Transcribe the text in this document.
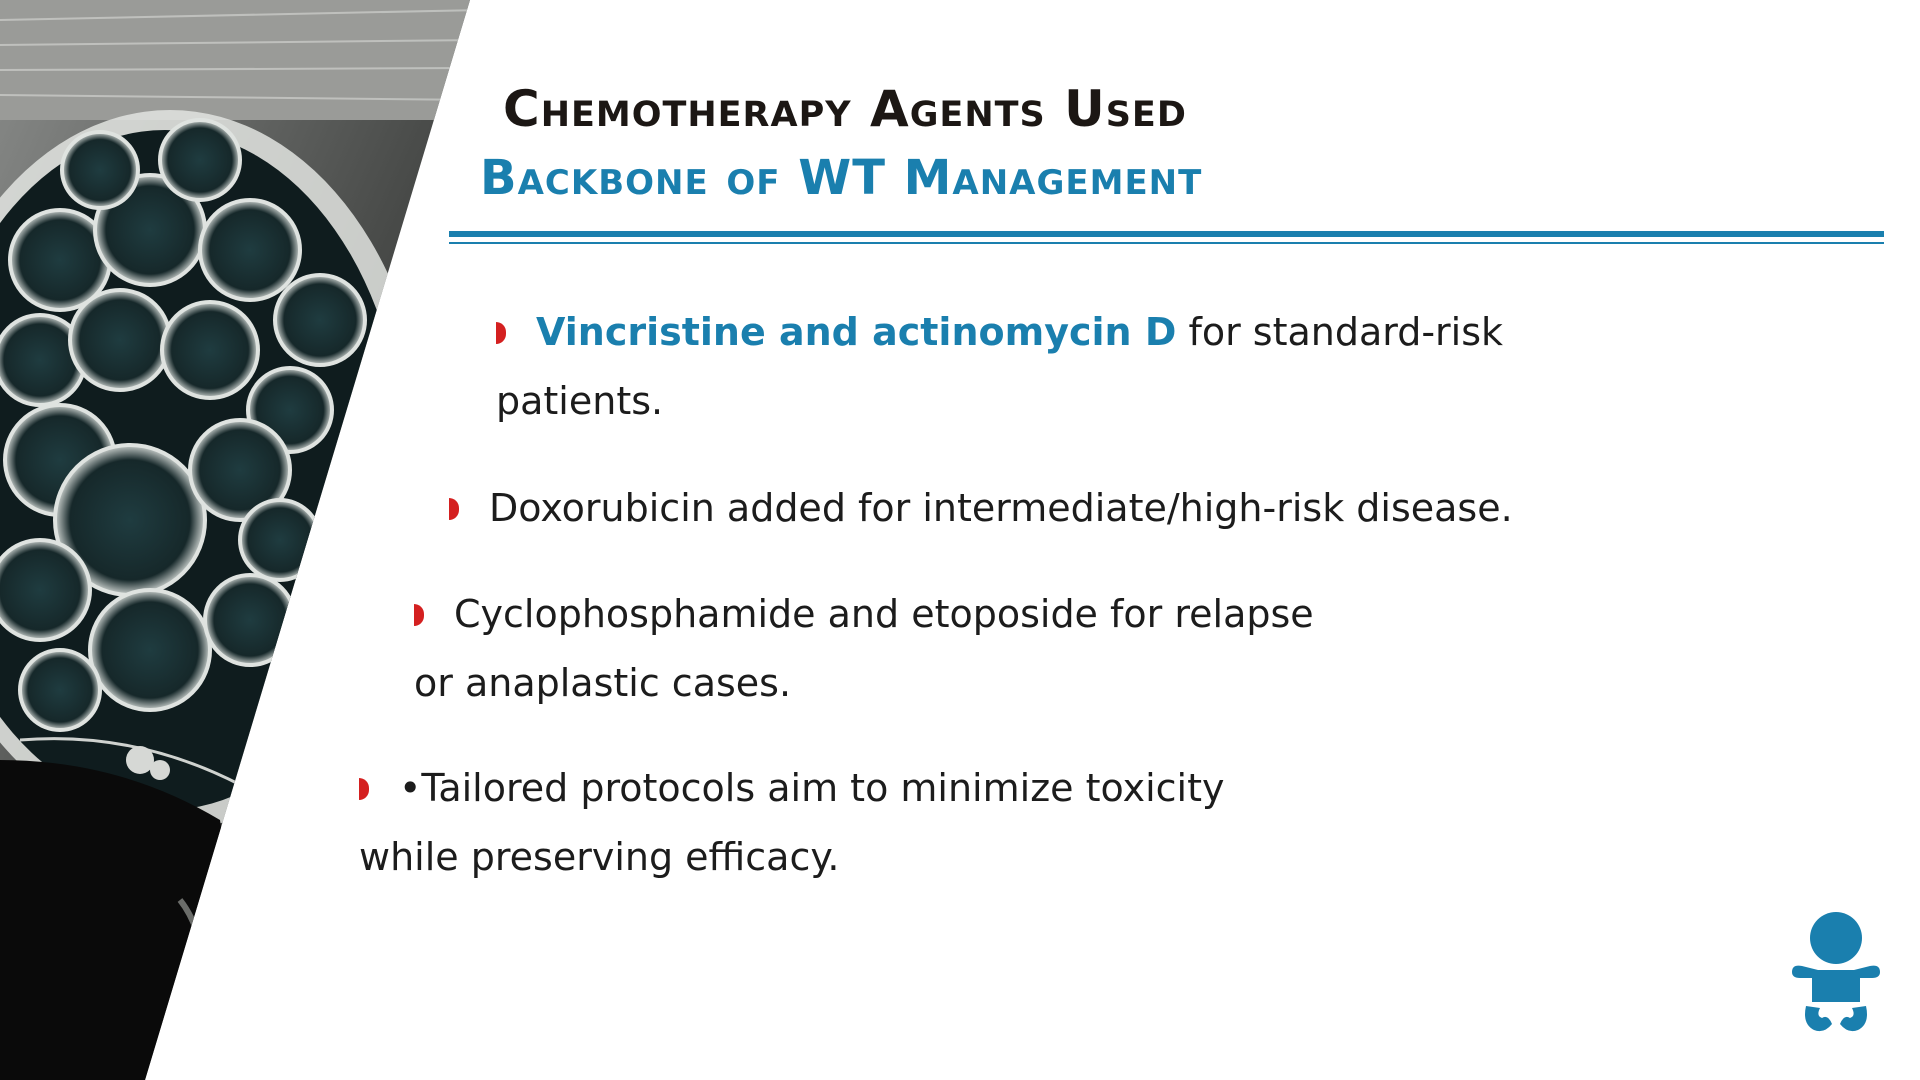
Chemotherapy Agents Used
Backbone of WT Management

Vincristine and actinomycin D for standard-risk
patients.

Doxorubicin added for intermediate/high-risk disease.

Cyclophosphamide and etoposide for relapse
or anaplastic cases.

•Tailored protocols aim to minimize toxicity
while preserving efficacy.
